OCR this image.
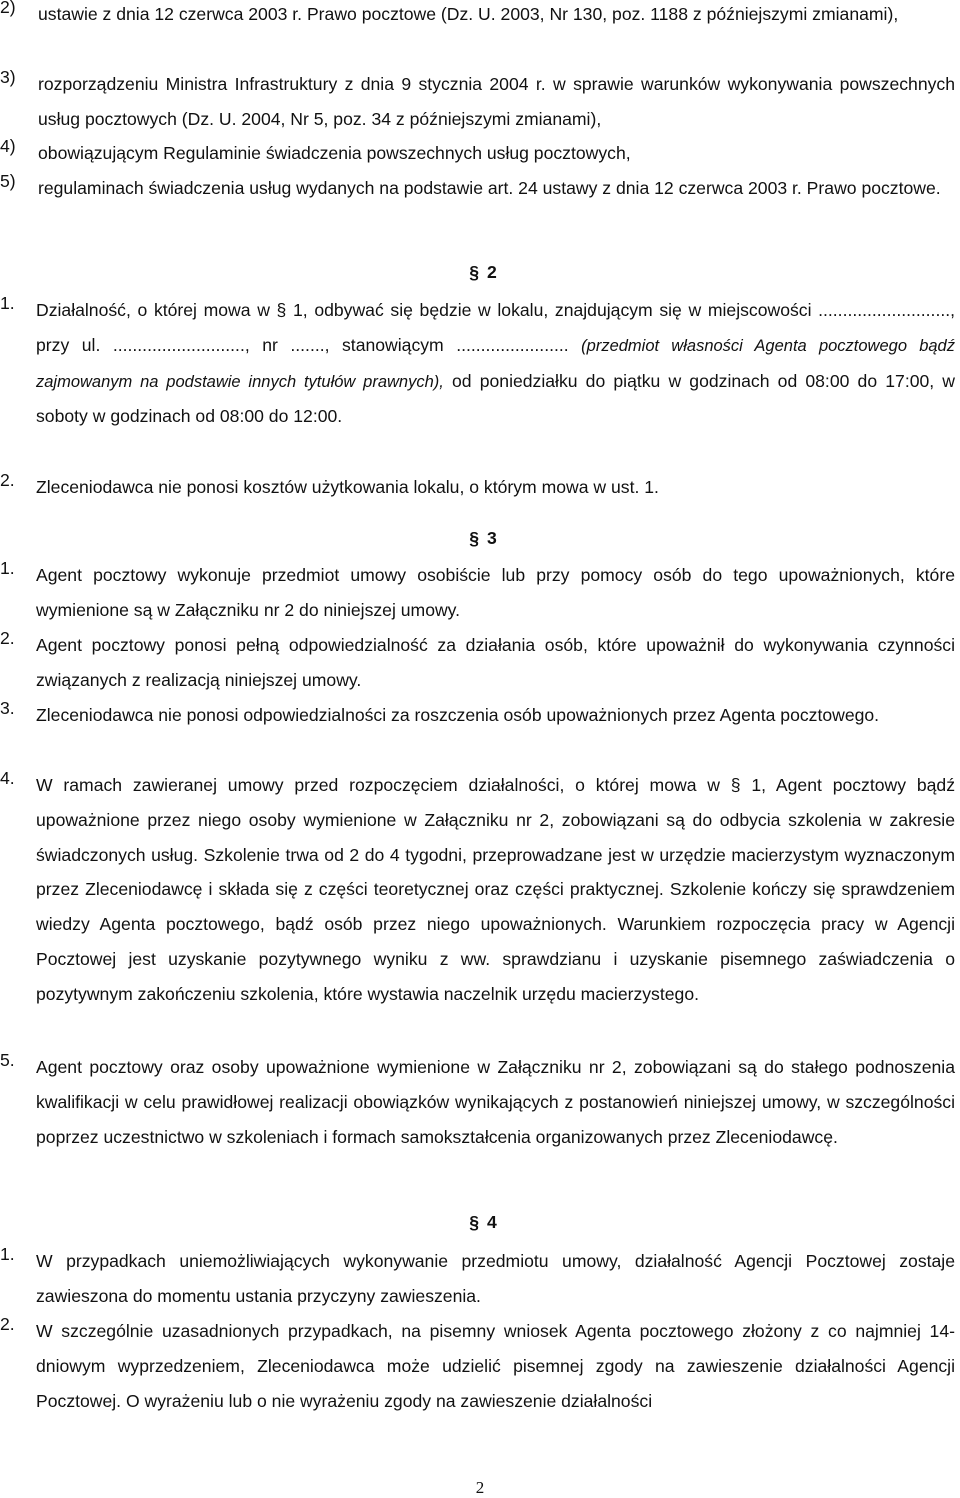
2)	ustawie z dnia 12 czerwca 2003 r. Prawo pocztowe (Dz. U. 2003, Nr 130, poz. 1188 z późniejszymi zmianami),
3)	rozporządzeniu Ministra Infrastruktury z dnia 9 stycznia 2004 r. w sprawie warunków wykonywania powszechnych usług pocztowych (Dz. U. 2004, Nr 5, poz. 34 z późniejszymi zmianami),
4)	obowiązującym Regulaminie świadczenia powszechnych usług pocztowych,
5)	regulaminach świadczenia usług wydanych na podstawie art. 24 ustawy z dnia 12 czerwca 2003 r. Prawo pocztowe.
§ 2
1.	Działalność, o której mowa w § 1, odbywać się będzie w lokalu, znajdującym się w miejscowości ..........................., przy ul. ..........................., nr ......., stanowiącym ....................... (przedmiot własności Agenta pocztowego bądź zajmowanym na podstawie innych tytułów prawnych), od poniedziałku do piątku w godzinach od 08:00 do 17:00, w soboty w godzinach od 08:00 do 12:00.
2.	Zleceniodawca nie ponosi kosztów użytkowania lokalu, o którym mowa w ust. 1.
§ 3
1.	Agent pocztowy wykonuje przedmiot umowy osobiście lub przy pomocy osób do tego upoważnionych, które wymienione są w Załączniku nr 2 do niniejszej umowy.
2.	Agent pocztowy ponosi pełną odpowiedzialność za działania osób, które upoważnił do wykonywania czynności związanych z realizacją niniejszej umowy.
3.	Zleceniodawca nie ponosi odpowiedzialności za roszczenia osób upoważnionych przez Agenta pocztowego.
4.	W ramach zawieranej umowy przed rozpoczęciem działalności, o której mowa w § 1, Agent pocztowy bądź upoważnione przez niego osoby wymienione w Załączniku nr 2, zobowiązani są do odbycia szkolenia w zakresie świadczonych usług. Szkolenie trwa od 2 do 4 tygodni, przeprowadzane jest w urzędzie macierzystym wyznaczonym przez Zleceniodawcę i składa się z części teoretycznej oraz części praktycznej. Szkolenie kończy się sprawdzeniem wiedzy Agenta pocztowego, bądź osób przez niego upoważnionych. Warunkiem rozpoczęcia pracy w Agencji Pocztowej jest uzyskanie pozytywnego wyniku z ww. sprawdzianu i uzyskanie pisemnego zaświadczenia o pozytywnym zakończeniu szkolenia, które wystawia naczelnik urzędu macierzystego.
5.	Agent pocztowy oraz osoby upoważnione wymienione w Załączniku nr 2, zobowiązani są do stałego podnoszenia kwalifikacji w celu prawidłowej realizacji obowiązków wynikających z postanowień niniejszej umowy, w szczególności poprzez uczestnictwo w szkoleniach i formach samokształcenia organizowanych przez Zleceniodawcę.
§ 4
1.	W przypadkach uniemożliwiających wykonywanie przedmiotu umowy, działalność Agencji Pocztowej zostaje zawieszona do momentu ustania przyczyny zawieszenia.
2.	W szczególnie uzasadnionych przypadkach, na pisemny wniosek Agenta pocztowego złożony z co najmniej 14-dniowym wyprzedzeniem, Zleceniodawca może udzielić pisemnej zgody na zawieszenie działalności Agencji Pocztowej. O wyrażeniu lub o nie wyrażeniu zgody na zawieszenie działalności
2
